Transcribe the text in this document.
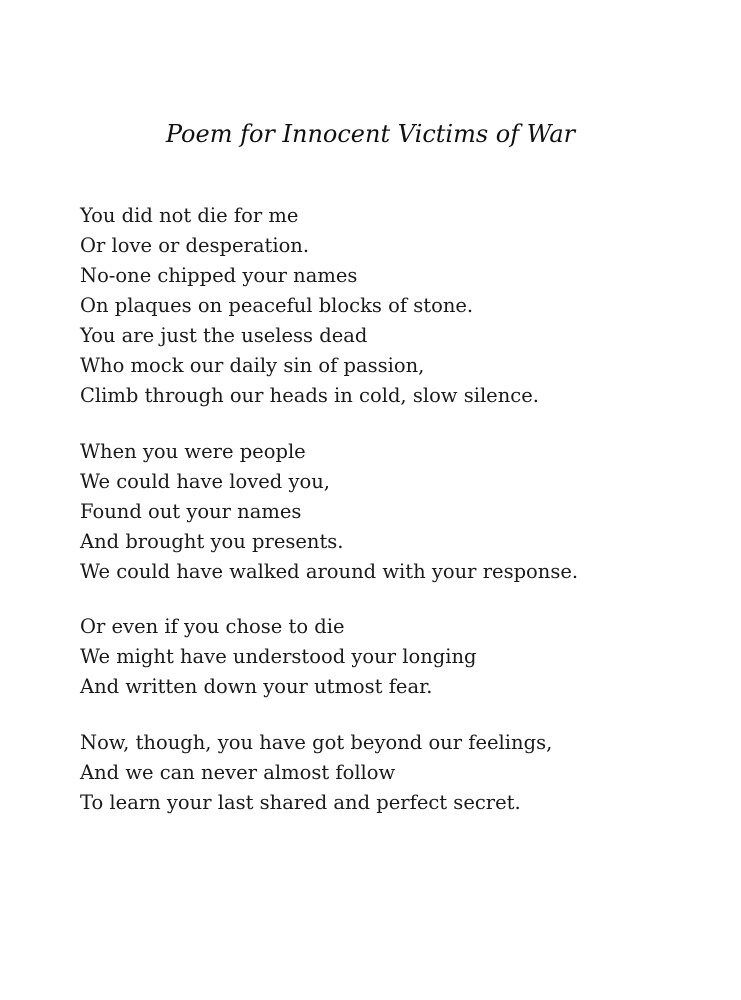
Poem for Innocent Victims of War
You did not die for me
Or love or desperation.
No-one chipped your names
On plaques on peaceful blocks of stone.
You are just the useless dead
Who mock our daily sin of passion,
Climb through our heads in cold, slow silence.
When you were people
We could have loved you,
Found out your names
And brought you presents.
We could have walked around with your response.
Or even if you chose to die
We might have understood your longing
And written down your utmost fear.
Now, though, you have got beyond our feelings,
And we can never almost follow
To learn your last shared and perfect secret.
